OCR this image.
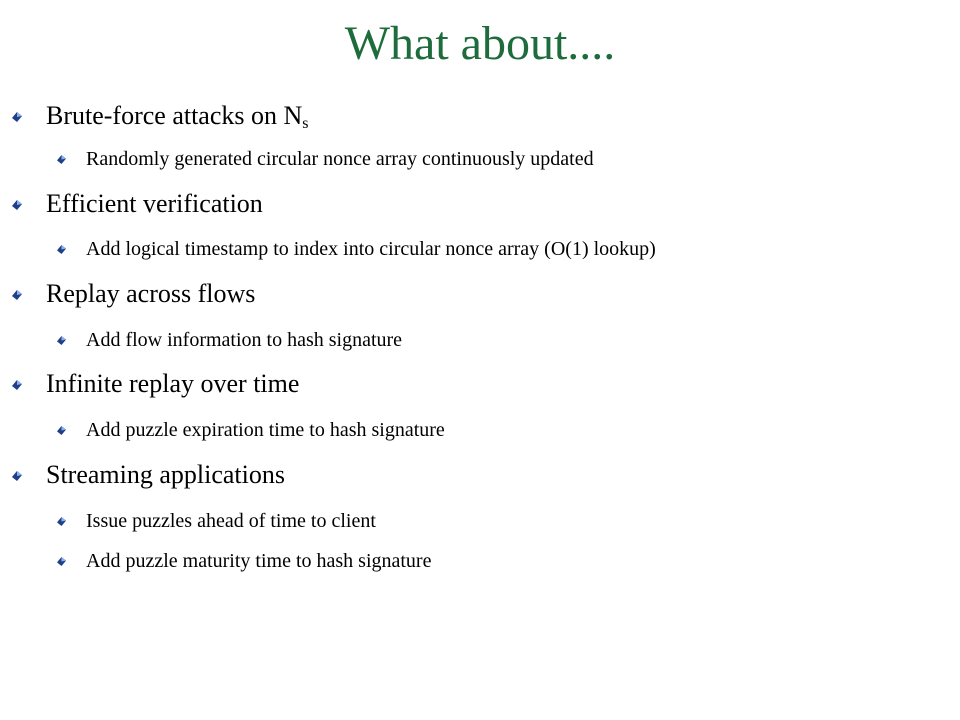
What about....
Brute-force attacks on $N_s$
Randomly generated circular nonce array continuously updated
Efficient verification
Add logical timestamp to index into circular nonce array (O(1) lookup)
Replay across flows
Add flow information to hash signature
Infinite replay over time
Add puzzle expiration time to hash signature
Streaming applications
Issue puzzles ahead of time to client
Add puzzle maturity time to hash signature
